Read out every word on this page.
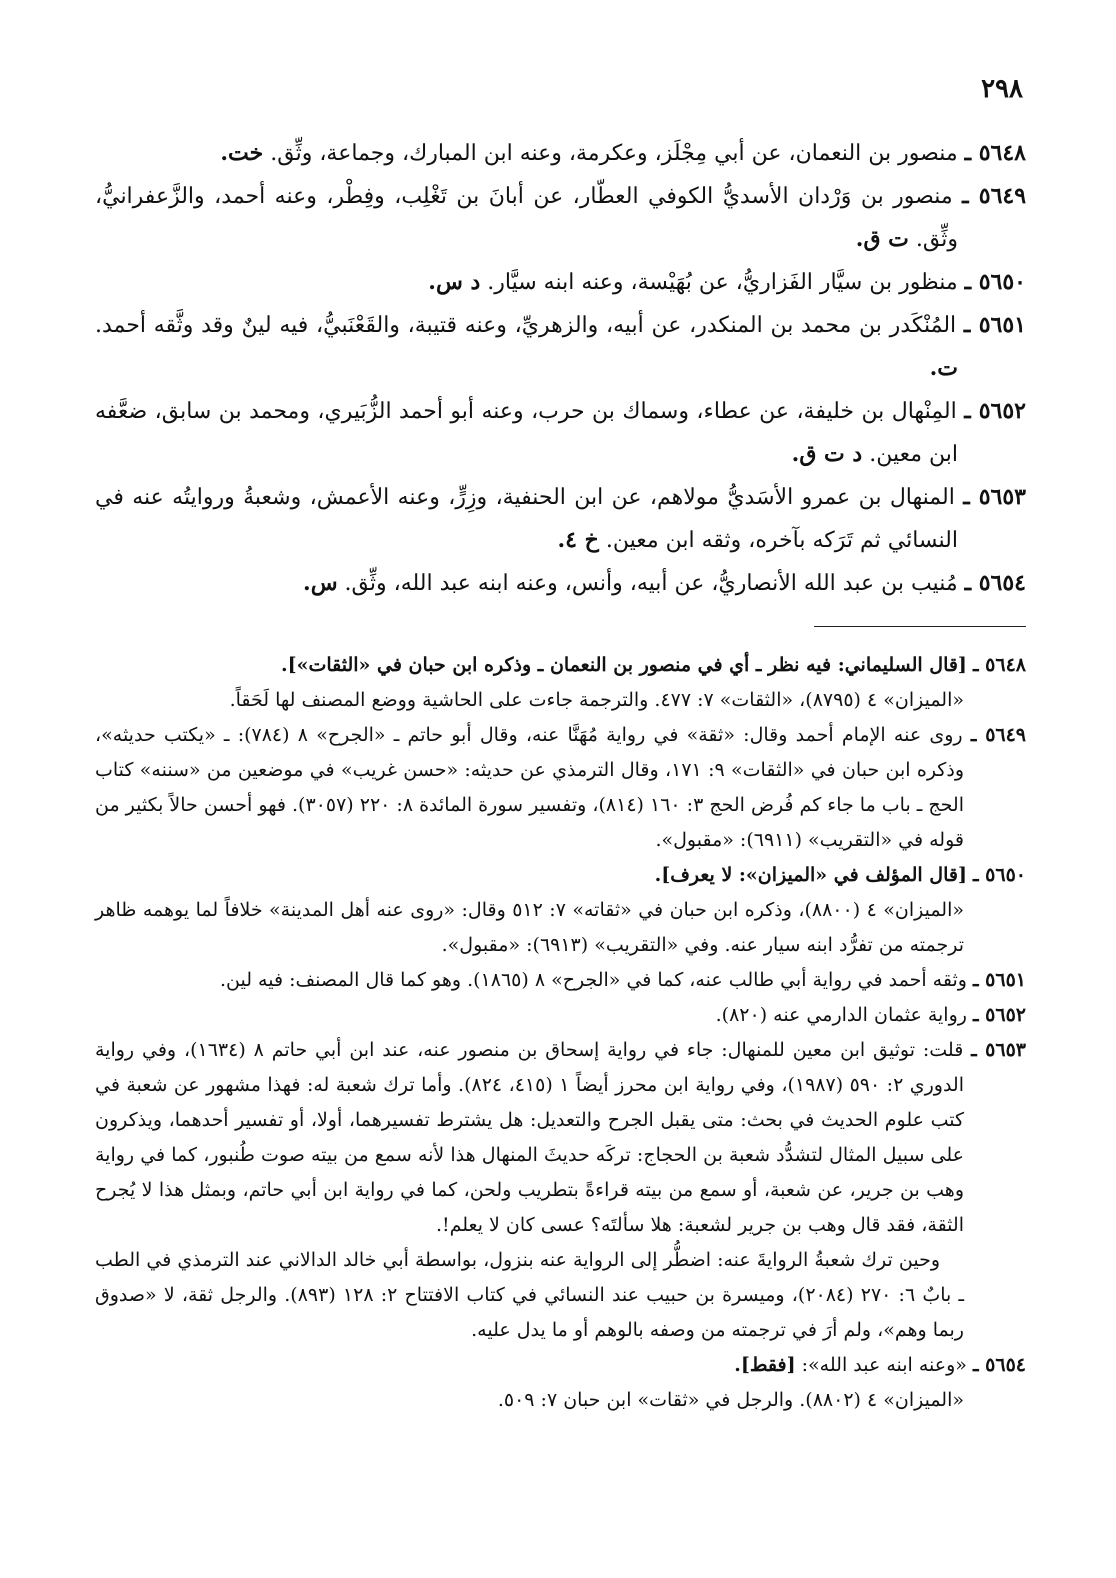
٢٩٨
٥٦٤٨ ـ منصور بن النعمان، عن أبي مِجْلَز، وعكرمة، وعنه ابن المبارك، وجماعة، وثِّق. خت.
٥٦٤٩ ـ منصور بن وَرْدان الأسديُّ الكوفي العطّار، عن أبانَ بن تَغْلِب، وفِطْر، وعنه أحمد، والزَّعفرانيُّ، وثِّق. ت ق.
٥٦٥٠ ـ منظور بن سيَّار الفَزاريُّ، عن بُهَيْسة، وعنه ابنه سيَّار. د س.
٥٦٥١ ـ المُنْكَدر بن محمد بن المنكدر، عن أبيه، والزهريِّ، وعنه قتيبة، والقَعْنَبيُّ، فيه لينٌ وقد وثَّقه أحمد. ت.
٥٦٥٢ ـ المِنْهال بن خليفة، عن عطاء، وسماك بن حرب، وعنه أبو أحمد الزُّبَيري، ومحمد بن سابق، ضعَّفه ابن معين. د ت ق.
٥٦٥٣ ـ المنهال بن عمرو الأسَديُّ مولاهم، عن ابن الحنفية، وزِرٍّ، وعنه الأعمش، وشعبةُ وروايتُه عنه في النسائي ثم تَرَكه بآخره، وثقه ابن معين. خ ٤.
٥٦٥٤ ـ مُنيب بن عبد الله الأنصاريُّ، عن أبيه، وأنس، وعنه ابنه عبد الله، وثِّق. س.
٥٦٤٨ ـ [قال السليماني: فيه نظر ـ أي في منصور بن النعمان ـ وذكره ابن حبان في «الثقات»].
«الميزان» ٤ (٨٧٩٥)، «الثقات» ٧: ٤٧٧. والترجمة جاءت على الحاشية ووضع المصنف لها لَحَقاً.
٥٦٤٩ ـ روى عنه الإمام أحمد وقال: «ثقة» في رواية مُهَنَّا عنه، وقال أبو حاتم ـ «الجرح» ٨ (٧٨٤): ـ «يكتب حديثه»، وذكره ابن حبان في «الثقات» ٩: ١٧١، وقال الترمذي عن حديثه: «حسن غريب» في موضعين من «سننه» كتاب الحج ـ باب ما جاء كم فُرض الحج ٣: ١٦٠ (٨١٤)، وتفسير سورة المائدة ٨: ٢٢٠ (٣٠٥٧). فهو أحسن حالاً بكثير من قوله في «التقريب» (٦٩١١): «مقبول».
٥٦٥٠ ـ [قال المؤلف في «الميزان»: لا يعرف].
«الميزان» ٤ (٨٨٠٠)، وذكره ابن حبان في «ثقاته» ٧: ٥١٢ وقال: «روى عنه أهل المدينة» خلافاً لما يوهمه ظاهر ترجمته من تفرُّد ابنه سيار عنه. وفي «التقريب» (٦٩١٣): «مقبول».
٥٦٥١ ـ وثقه أحمد في رواية أبي طالب عنه، كما في «الجرح» ٨ (١٨٦٥). وهو كما قال المصنف: فيه لين.
٥٦٥٢ ـ رواية عثمان الدارمي عنه (٨٢٠).
٥٦٥٣ ـ قلت: توثيق ابن معين للمنهال: جاء في رواية إسحاق بن منصور عنه، عند ابن أبي حاتم ٨ (١٦٣٤)، وفي رواية الدوري ٢: ٥٩٠ (١٩٨٧)، وفي رواية ابن محرز أيضاً ١ (٤١٥، ٨٢٤). وأما ترك شعبة له: فهذا مشهور عن شعبة في كتب علوم الحديث في بحث: متى يقبل الجرح والتعديل: هل يشترط تفسيرهما، أولا، أو تفسير أحدهما، ويذكرون على سبيل المثال لتشدُّد شعبة بن الحجاج: تركَه حديثَ المنهال هذا لأنه سمع من بيته صوت طُنبور، كما في رواية وهب بن جرير، عن شعبة، أو سمع من بيته قراءةً بتطريب ولحن، كما في رواية ابن أبي حاتم، وبمثل هذا لا يُجرح الثقة، فقد قال وهب بن جرير لشعبة: هلا سألتَه؟ عسى كان لا يعلم!.
وحين ترك شعبةُ الروايةَ عنه: اضطُّر إلى الرواية عنه بنزول، بواسطة أبي خالد الدالاني عند الترمذي في الطب ـ بابٌ ٦: ٢٧٠ (٢٠٨٤)، وميسرة بن حبيب عند النسائي في كتاب الافتتاح ٢: ١٢٨ (٨٩٣). والرجل ثقة، لا «صدوق ربما وهم»، ولم أرَ في ترجمته من وصفه بالوهم أو ما يدل عليه.
٥٦٥٤ ـ «وعنه ابنه عبد الله»: [فقط].
«الميزان» ٤ (٨٨٠٢). والرجل في «ثقات» ابن حبان ٧: ٥٠٩.
